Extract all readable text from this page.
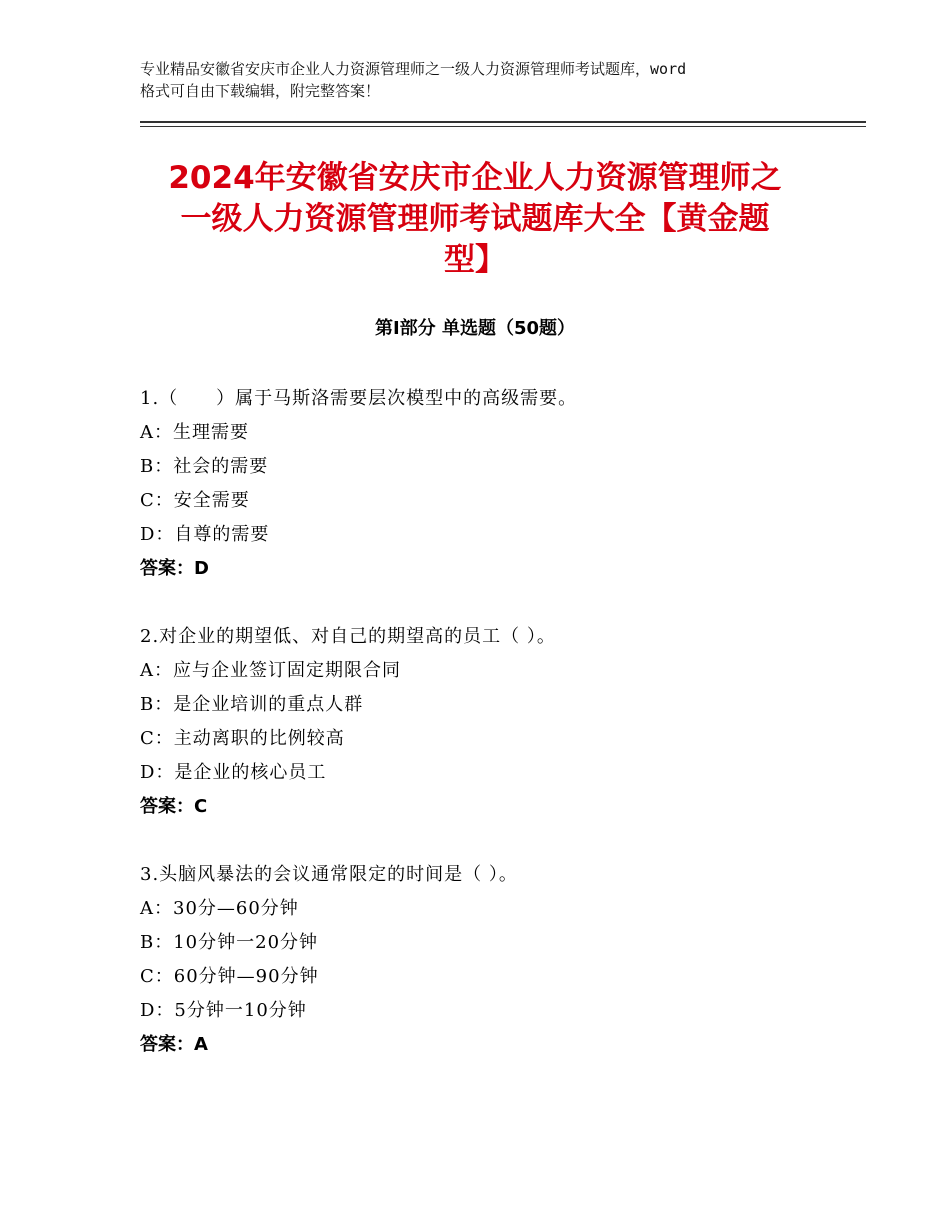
专业精品安徽省安庆市企业人力资源管理师之一级人力资源管理师考试题库，word
格式可自由下载编辑，附完整答案！
2024年安徽省安庆市企业人力资源管理师之
一级人力资源管理师考试题库大全【黄金题
型】
第Ⅰ部分 单选题（50题）
1.（　　）属于马斯洛需要层次模型中的高级需要。
A：生理需要
B：社会的需要
C：安全需要
D：自尊的需要
答案：D
2.对企业的期望低、对自己的期望高的员工（ ）。
A：应与企业签订固定期限合同
B：是企业培训的重点人群
C：主动离职的比例较高
D：是企业的核心员工
答案：C
3.头脑风暴法的会议通常限定的时间是（ ）。
A：30分—60分钟
B：10分钟一20分钟
C：60分钟—90分钟
D：5分钟一10分钟
答案：A
